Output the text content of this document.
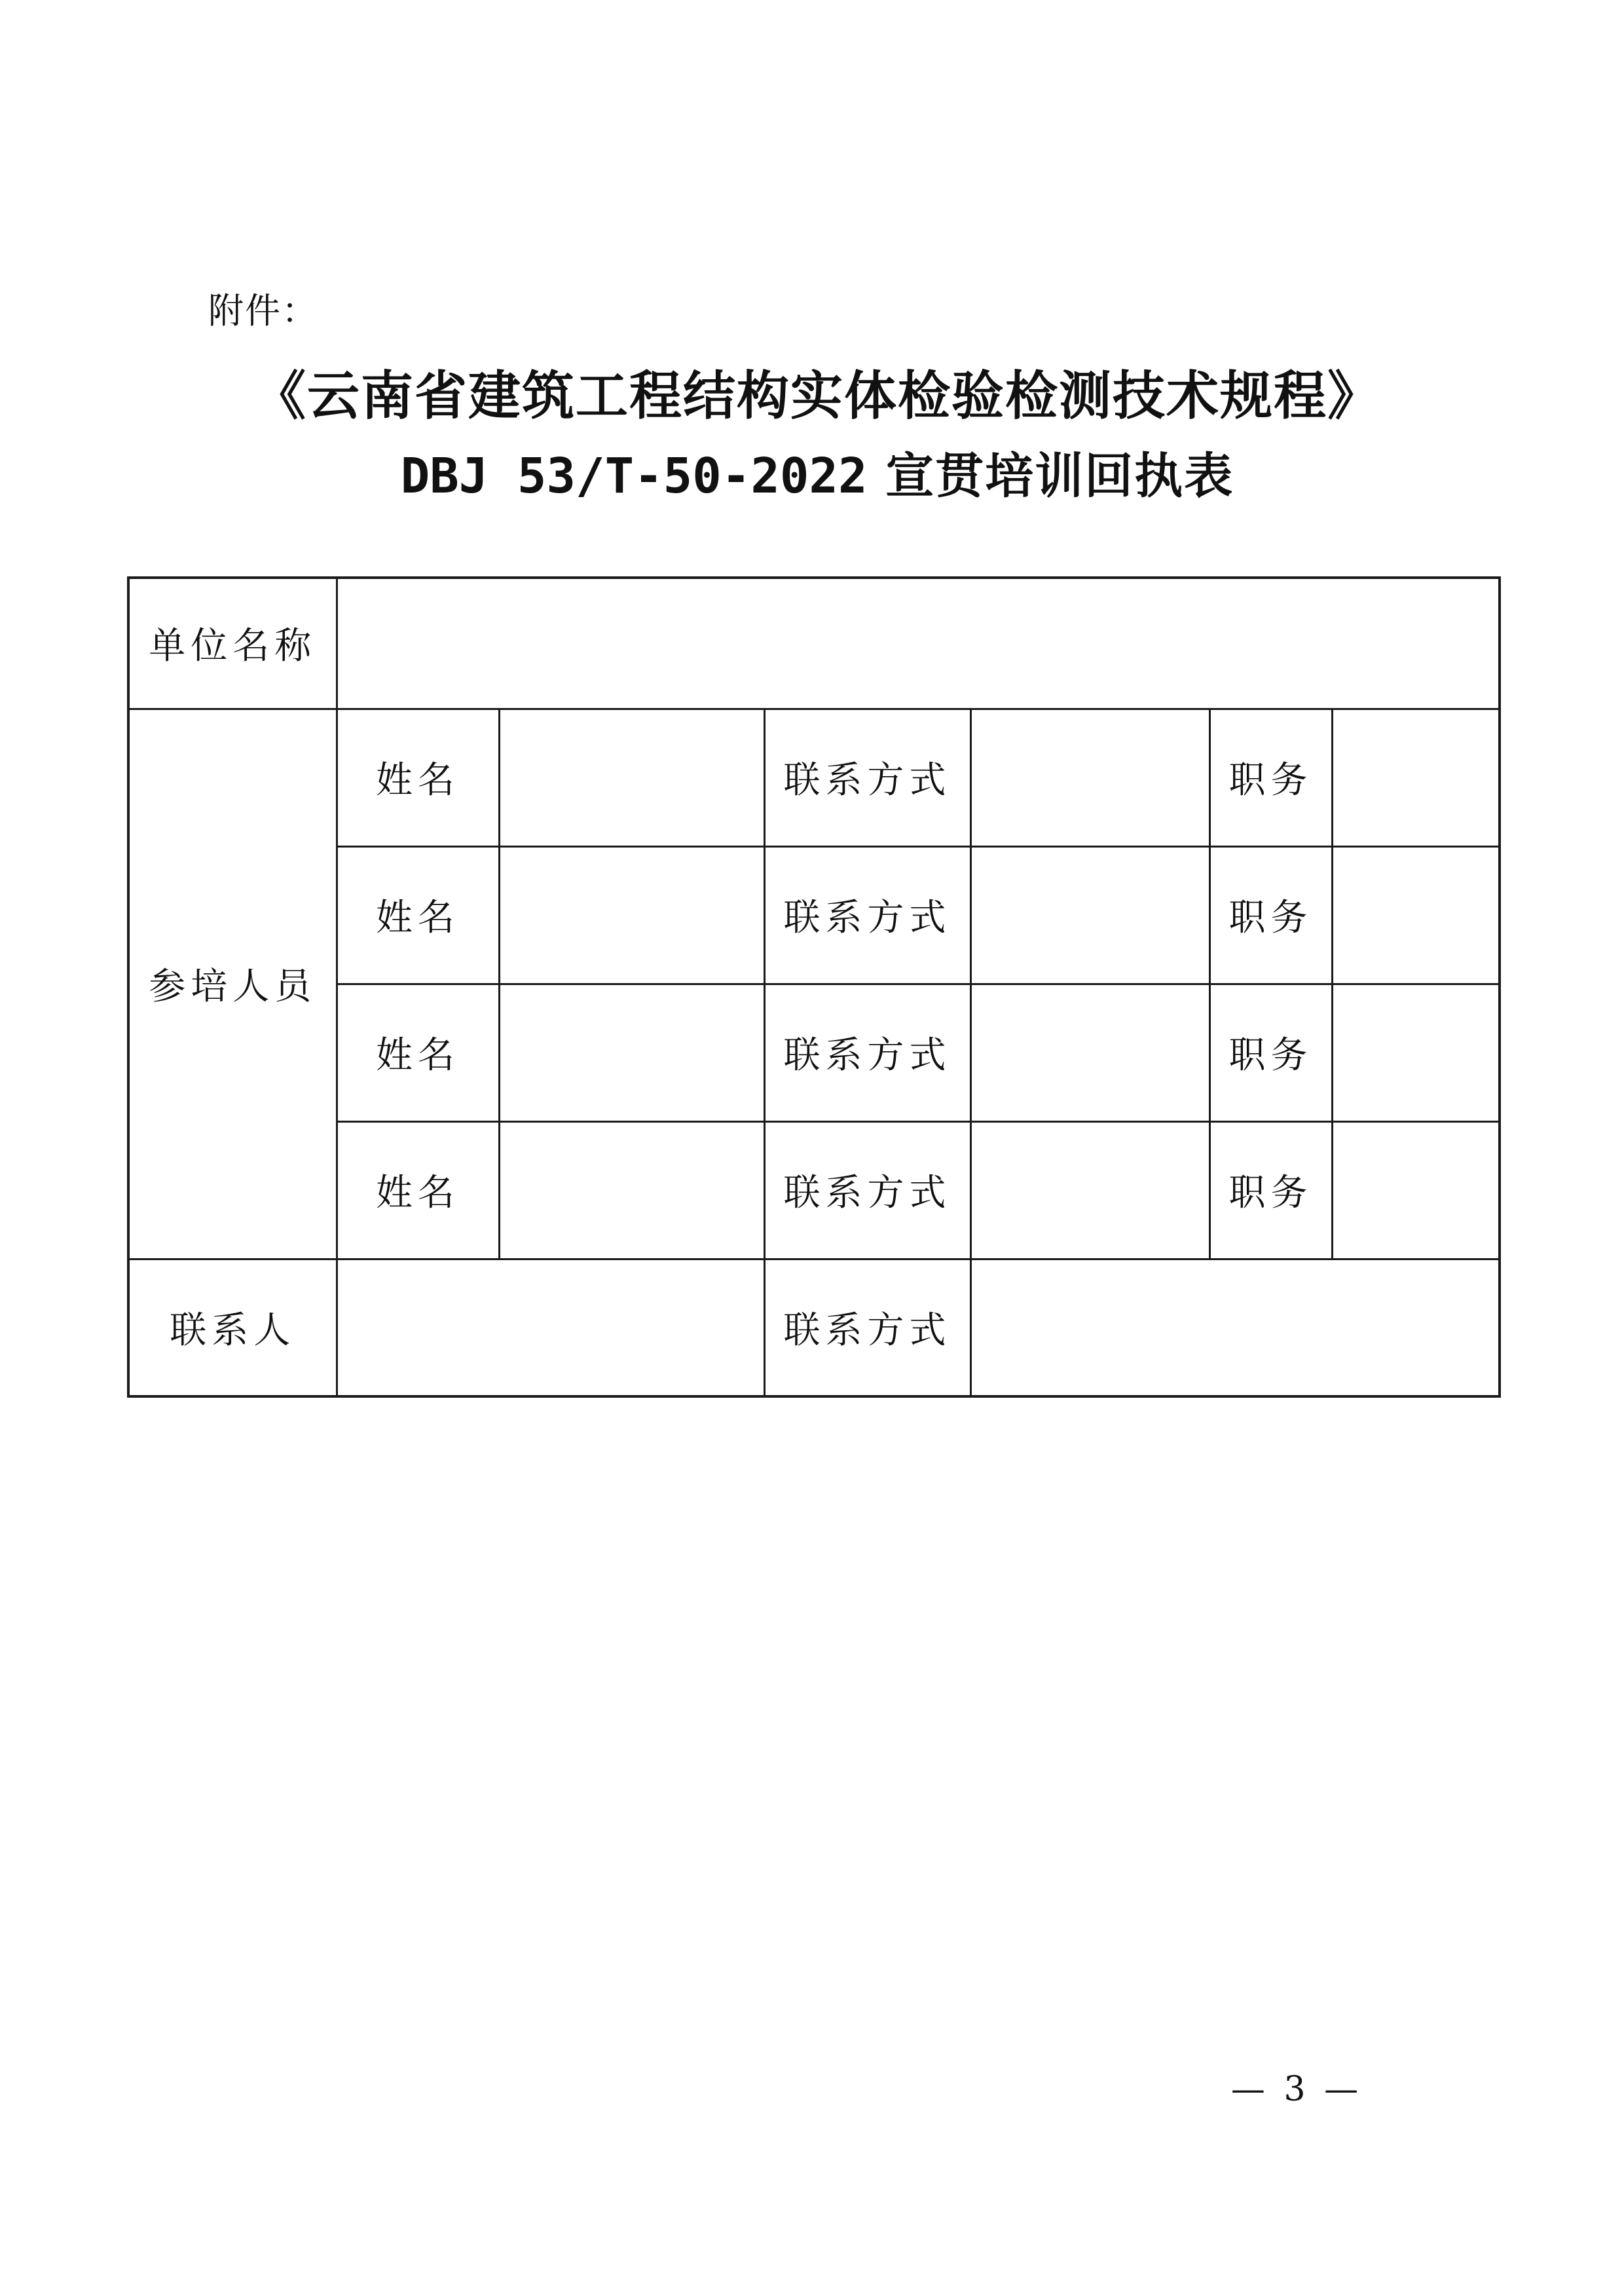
附件：
《云南省建筑工程结构实体检验检测技术规程》
DBJ 53/T-50-2022 宣贯培训回执表
单位名称						
参培人员	姓名		联系方式		职务	
	姓名		联系方式		职务	
	姓名		联系方式		职务	
	姓名		联系方式		职务	
联系人			联系方式			
— 3 —
